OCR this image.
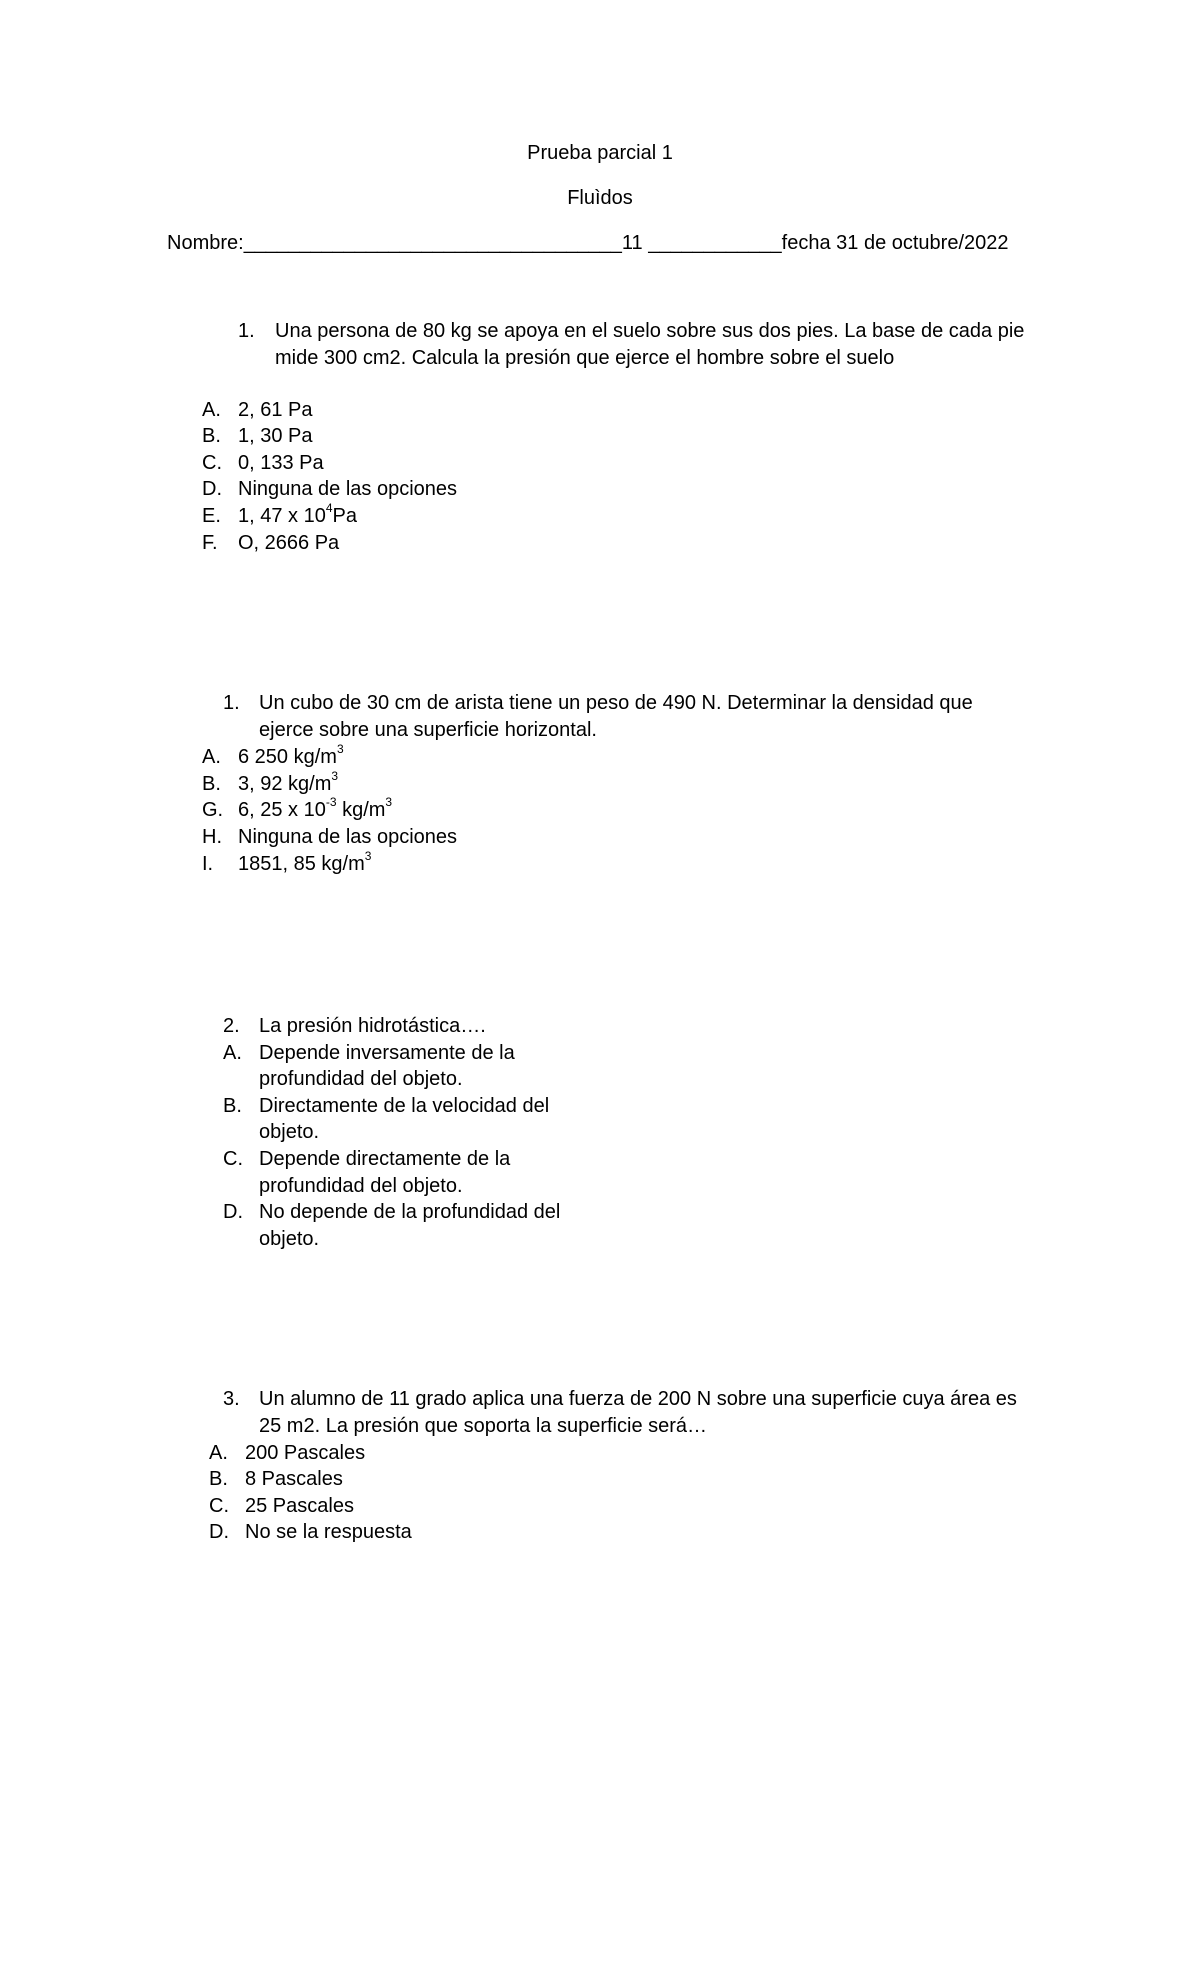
Prueba parcial 1
Fluìdos
Nombre:__________________________________11 ____________fecha 31 de octubre/2022
1. Una persona de 80 kg se apoya en el suelo sobre sus dos pies. La base de cada pie
mide 300 cm2. Calcula la presión que ejerce el hombre sobre el suelo
A. 2, 61 Pa
B. 1, 30 Pa
C. 0, 133 Pa
D. Ninguna de las opciones
E. 1, 47 x $10^4Pa$
F. O, 2666 Pa
1. Un cubo de 30 cm de arista tiene un peso de 490 N. Determinar la densidad que
ejerce sobre una superficie horizontal.
A. 6 250 $kg/m^3$
B. 3, 92 $kg/m^3$
G. 6, 25 x $10^{-3}$ $kg/m^3$
H. Ninguna de las opciones
I. 1851, 85 $kg/m^3$
2. La presión hidrotástica….
A. Depende inversamente de la
profundidad del objeto.
B. Directamente de la velocidad del
objeto.
C. Depende directamente de la
profundidad del objeto.
D. No depende de la profundidad del
objeto.
3. Un alumno de 11 grado aplica una fuerza de 200 N sobre una superficie cuya área es
25 m2. La presión que soporta la superficie será…
A. 200 Pascales
B. 8 Pascales
C. 25 Pascales
D. No se la respuesta
